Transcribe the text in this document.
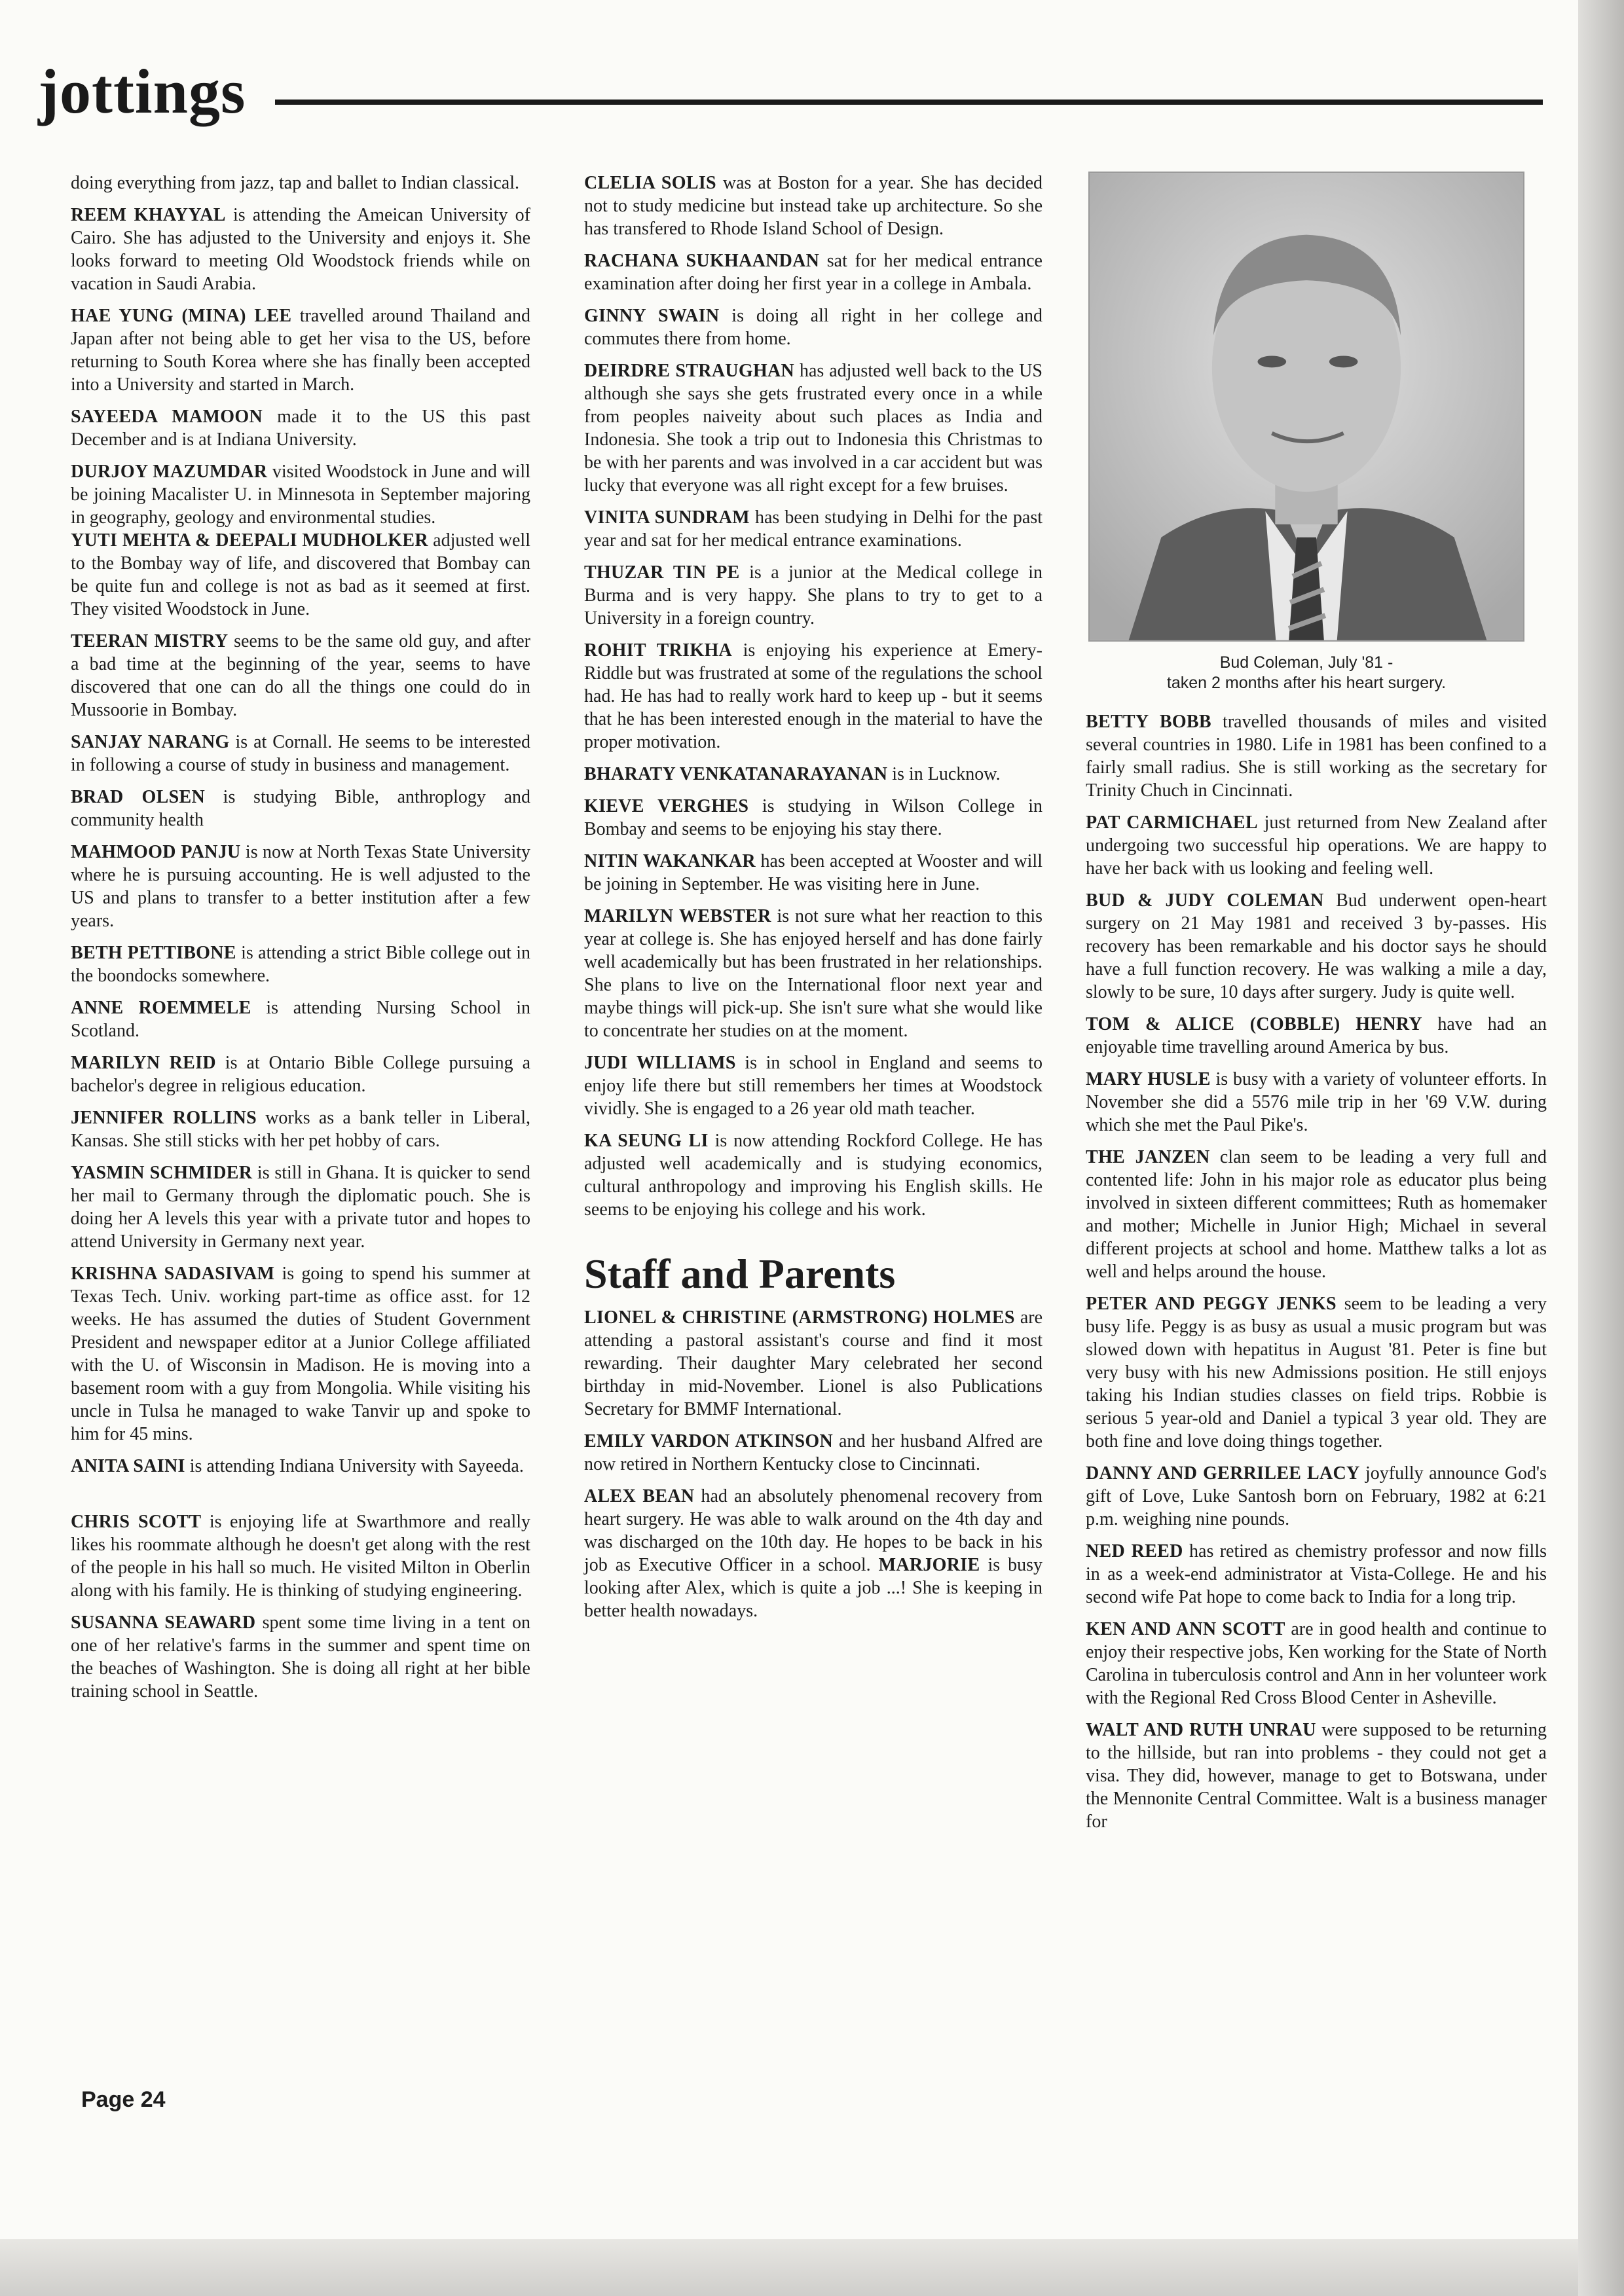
jottings

doing everything from jazz, tap and ballet to Indian classical.

REEM KHAYYAL is attending the Ameican University of Cairo. She has adjusted to the University and enjoys it. She looks forward to meeting Old Woodstock friends while on vacation in Saudi Arabia.

HAE YUNG (MINA) LEE travelled around Thailand and Japan after not being able to get her visa to the US, before returning to South Korea where she has finally been accepted into a University and started in March.

SAYEEDA MAMOON made it to the US this past December and is at Indiana University.

DURJOY MAZUMDAR visited Woodstock in June and will be joining Macalister U. in Minnesota in September majoring in geography, geology and environmental studies.

YUTI MEHTA & DEEPALI MUDHOLKER adjusted well to the Bombay way of life, and discovered that Bombay can be quite fun and college is not as bad as it seemed at first. They visited Woodstock in June.

TEERAN MISTRY seems to be the same old guy, and after a bad time at the beginning of the year, seems to have discovered that one can do all the things one could do in Mussoorie in Bombay.

SANJAY NARANG is at Cornall. He seems to be interested in following a course of study in business and management.

BRAD OLSEN is studying Bible, anthroplogy and community health

MAHMOOD PANJU is now at North Texas State University where he is pursuing accounting. He is well adjusted to the US and plans to transfer to a better institution after a few years.

BETH PETTIBONE is attending a strict Bible college out in the boondocks somewhere.

ANNE ROEMMELE is attending Nursing School in Scotland.

MARILYN REID is at Ontario Bible College pursuing a bachelor's degree in religious education.

JENNIFER ROLLINS works as a bank teller in Liberal, Kansas. She still sticks with her pet hobby of cars.

YASMIN SCHMIDER is still in Ghana. It is quicker to send her mail to Germany through the diplomatic pouch. She is doing her A levels this year with a private tutor and hopes to attend University in Germany next year.

KRISHNA SADASIVAM is going to spend his summer at Texas Tech. Univ. working part-time as office asst. for 12 weeks. He has assumed the duties of Student Government President and newspaper editor at a Junior College affiliated with the U. of Wisconsin in Madison. He is moving into a basement room with a guy from Mongolia. While visiting his uncle in Tulsa he managed to wake Tanvir up and spoke to him for 45 mins.

ANITA SAINI is attending Indiana University with Sayeeda.

CHRIS SCOTT is enjoying life at Swarthmore and really likes his roommate although he doesn't get along with the rest of the people in his hall so much. He visited Milton in Oberlin along with his family. He is thinking of studying engineering.

SUSANNA SEAWARD spent some time living in a tent on one of her relative's farms in the summer and spent time on the beaches of Washington. She is doing all right at her bible training school in Seattle.

CLELIA SOLIS was at Boston for a year. She has decided not to study medicine but instead take up architecture. So she has transfered to Rhode Island School of Design.

RACHANA SUKHAANDAN sat for her medical entrance examination after doing her first year in a college in Ambala.

GINNY SWAIN is doing all right in her college and commutes there from home.

DEIRDRE STRAUGHAN has adjusted well back to the US although she says she gets frustrated every once in a while from peoples naiveity about such places as India and Indonesia. She took a trip out to Indonesia this Christmas to be with her parents and was involved in a car accident but was lucky that everyone was all right except for a few bruises.

VINITA SUNDRAM has been studying in Delhi for the past year and sat for her medical entrance examinations.

THUZAR TIN PE is a junior at the Medical college in Burma and is very happy. She plans to try to get to a University in a foreign country.

ROHIT TRIKHA is enjoying his experience at Emery-Riddle but was frustrated at some of the regulations the school had. He has had to really work hard to keep up - but it seems that he has been interested enough in the material to have the proper motivation.

BHARATY VENKATANARAYANAN is in Lucknow.

KIEVE VERGHES is studying in Wilson College in Bombay and seems to be enjoying his stay there.

NITIN WAKANKAR has been accepted at Wooster and will be joining in September. He was visiting here in June.

MARILYN WEBSTER is not sure what her reaction to this year at college is. She has enjoyed herself and has done fairly well academically but has been frustrated in her relationships. She plans to live on the International floor next year and maybe things will pick-up. She isn't sure what she would like to concentrate her studies on at the moment.

JUDI WILLIAMS is in school in England and seems to enjoy life there but still remembers her times at Woodstock vividly. She is engaged to a 26 year old math teacher.

KA SEUNG LI is now attending Rockford College. He has adjusted well academically and is studying economics, cultural anthropology and improving his English skills. He seems to be enjoying his college and his work.

Staff and Parents

LIONEL & CHRISTINE (ARMSTRONG) HOLMES are attending a pastoral assistant's course and find it most rewarding. Their daughter Mary celebrated her second birthday in mid-November. Lionel is also Publications Secretary for BMMF International.

EMILY VARDON ATKINSON and her husband Alfred are now retired in Northern Kentucky close to Cincinnati.

ALEX BEAN had an absolutely phenomenal recovery from heart surgery. He was able to walk around on the 4th day and was discharged on the 10th day. He hopes to be back in his job as Executive Officer in a school. MARJORIE is busy looking after Alex, which is quite a job ...! She is keeping in better health nowadays.

Bud Coleman, July '81 -
taken 2 months after his heart surgery.

BETTY BOBB travelled thousands of miles and visited several countries in 1980. Life in 1981 has been confined to a fairly small radius. She is still working as the secretary for Trinity Chuch in Cincinnati.

PAT CARMICHAEL just returned from New Zealand after undergoing two successful hip operations. We are happy to have her back with us looking and feeling well.

BUD & JUDY COLEMAN Bud underwent open-heart surgery on 21 May 1981 and received 3 by-passes. His recovery has been remarkable and his doctor says he should have a full function recovery. He was walking a mile a day, slowly to be sure, 10 days after surgery. Judy is quite well.

TOM & ALICE (COBBLE) HENRY have had an enjoyable time travelling around America by bus.

MARY HUSLE is busy with a variety of volunteer efforts. In November she did a 5576 mile trip in her '69 V.W. during which she met the Paul Pike's.

THE JANZEN clan seem to be leading a very full and contented life: John in his major role as educator plus being involved in sixteen different committees; Ruth as homemaker and mother; Michelle in Junior High; Michael in several different projects at school and home. Matthew talks a lot as well and helps around the house.

PETER AND PEGGY JENKS seem to be leading a very busy life. Peggy is as busy as usual a music program but was slowed down with hepatitus in August '81. Peter is fine but very busy with his new Admissions position. He still enjoys taking his Indian studies classes on field trips. Robbie is serious 5 year-old and Daniel a typical 3 year old. They are both fine and love doing things together.

DANNY AND GERRILEE LACY joyfully announce God's gift of Love, Luke Santosh born on February, 1982 at 6:21 p.m. weighing nine pounds.

NED REED has retired as chemistry professor and now fills in as a week-end administrator at Vista-College. He and his second wife Pat hope to come back to India for a long trip.

KEN AND ANN SCOTT are in good health and continue to enjoy their respective jobs, Ken working for the State of North Carolina in tuberculosis control and Ann in her volunteer work with the Regional Red Cross Blood Center in Asheville.

WALT AND RUTH UNRAU were supposed to be returning to the hillside, but ran into problems - they could not get a visa. They did, however, manage to get to Botswana, under the Mennonite Central Committee. Walt is a business manager for

Page 24
